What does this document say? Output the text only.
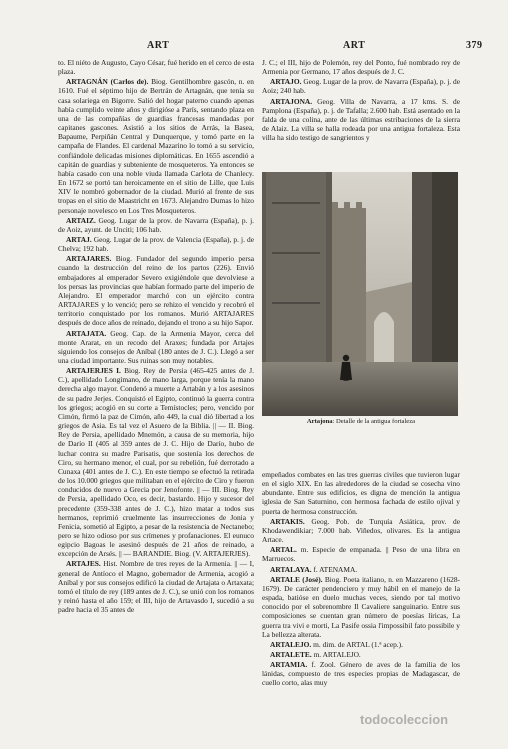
ART	ART	379

to. El niéto de Augusto, Cayo César, fué herido en el cerco de esta plaza.

ARTAGNÁN (Carlos de). Biog. Gentilhombre gascón, n. en 1610. Fué el séptimo hijo de Bertrán de Artagnán, que tenía su casa solariega en Bigorre. Salió del hogar paterno cuando apenas había cumplido veinte años y dirigióse a París, sentando plaza en una de las compañías de guardias francesas mandadas por capitanes gascones. Asistió a los sitios de Arrás, la Basea, Bapaume, Perpiñán Central y Dunquerque, y tomó parte en la campaña de Flandes. El cardenal Mazarino lo tomó a su servicio, confiándole delicadas misiones diplomáticas. En 1655 ascendió a capitán de guardias y subteniente de mosqueteros. Ya entonces se había casado con una noble viuda llamada Carlota de Chanlecy. En 1672 se portó tan heroicamente en el sitio de Lille, que Luis XIV le nombró gobernador de la ciudad. Murió al frente de sus tropas en el sitio de Maastricht en 1673. Alejandro Dumas lo hizo personaje novelesco en Los Tres Mosqueteros.

ARTAIZ. Geog. Lugar de la prov. de Navarra (España), p. j. de Aoiz, ayunt. de Unciti; 106 hab.

ARTAJ. Geog. Lugar de la prov. de Valencia (España), p. j. de Chelva; 192 hab.

ARTAJARES. Biog. Fundador del segundo imperio persa cuando la destrucción del reino de los partos (226). Envió embajadores al emperador Severo exigiéndole que devolviese a los persas las provincias que habían formado parte del imperio de Alejandro. El emperador marchó con un ejército contra ARTAJARES y lo venció; pero se rehizo el vencido y recobró el territorio conquistado por los romanos. Murió ARTAJARES después de doce años de reinado, dejando el trono a su hijo Sapor.

ARTAJATA. Geog. Cap. de la Armenia Mayor, cerca del monte Ararat, en un recodo del Araxes; fundada por Artajes siguiendo los consejos de Aníbal (180 antes de J. C.). Llegó a ser una ciudad importante. Sus ruinas son muy notables.

ARTAJERJES I. Biog. Rey de Persia (465-425 antes de J. C.), apellidado Longímano, de mano larga, porque tenía la mano derecha algo mayor. Condenó a muerte a Artabán y a los asesinos de su padre Jerjes. Conquistó el Egipto, continuó la guerra contra los griegos; acogió en su corte a Temístocles; pero, vencido por Cimón, firmó la paz de Cimón, año 449, la cual dió libertad a los griegos de Asia. Es tal vez el Asuero de la Biblia. || — II. Biog. Rey de Persia, apellidado Mnemón, a causa de su memoria, hijo de Darío II (405 al 359 antes de J. C. Hijo de Darío, hubo de luchar contra su madre Parisatis, que sostenía los derechos de Ciro, su hermano menor, el cual, por su rebelión, fué derrotado a Cunaxa (401 antes de J. C.). En este tiempo se efectuó la retirada de los 10.000 griegos que militaban en el ejército de Ciro y fueron conducidos de nuevo a Grecia por Jenofonte. || — III. Biog. Rey de Persia, apellidado Oco, es decir, bastardo. Hijo y sucesor del precedente (359-338 antes de J. C.), hizo matar a todos sus hermanos, reprimió cruelmente las insurrecciones de Jonia y Fenicia, sometió al Egipto, a pesar de la resistencia de Nectanebo; pero se hizo odioso por sus crímenes y profanaciones. El eunuco egipcio Bagoas le asesinó después de 21 años de reinado, a excepción de Arsés. || — BARANDIE. Biog. (V. ARTAJERJES).

ARTAJES. Hist. Nombre de tres reyes de la Armenia. || — I, general de Antíoco el Magno, gobernador de Armenia, acogió a Aníbal y por sus consejos edificó la ciudad de Artajata o Artaxata; tomó el título de rey (189 antes de J. C.), se unió con los romanos y reinó hasta el año 159; el III, hijo de Artavasdo I, sucedió a su padre hacia el 35 antes de

J. C.; el III, hijo de Polemón, rey del Ponto, fué nombrado rey de Armenia por Germano, 17 años después de J. C.

ARTAJO. Geog. Lugar de la prov. de Navarra (España), p. j. de Aoiz; 240 hab.

ARTAJONA. Geog. Villa de Navarra, a 17 kms. S. de Pamplona (España), p. j. de Tafalla; 2.600 hab. Está asentado en la falda de una colina, ante de las últimas estribaciones de la sierra de Alaiz. La villa se halla rodeada por una antigua fortaleza. Esta villa ha sido testigo de sangrientos y

Artajona: Detalle de la antigua fortaleza

empeñados combates en las tres guerras civiles que tuvieron lugar en el siglo XIX. En las alrededores de la ciudad se cosecha vino abundante. Entre sus edificios, es digna de mención la antigua iglesia de San Saturnino, con hermosa fachada de estilo ojival y puerta de hermosa construcción.

ARTAKIS. Geog. Pob. de Turquía Asiática, prov. de Khodawendikiar; 7.000 hab. Viñedos, olivares. Es la antigua Artace.

ARTAL. m. Especie de empanada. || Peso de una libra en Marruecos.

ARTALAYA. f. ATENAMA.

ARTALE (José). Biog. Poeta italiano, n. en Mazzareno (1628-1679). De carácter pendenciero y muy hábil en el manejo de la espada, batióse en duelo muchas veces, siendo por tal motivo conocido por el sobrenombre Il Cavaliere sanguinario. Entre sus composiciones se cuentan gran número de poesías líricas, La guerra tra vivi e morti, La Pasife ossia l'impossibil fato possibile y La bellezza alterata.

ARTALEJO. m. dim. de ARTAL (1.ª acep.).

ARTALETE. m. ARTALEJO.

ARTAMIA. f. Zool. Género de aves de la familia de los lánidas, compuesto de tres especies propias de Madagascar, de cuello corto, alas muy

todocoleccion
